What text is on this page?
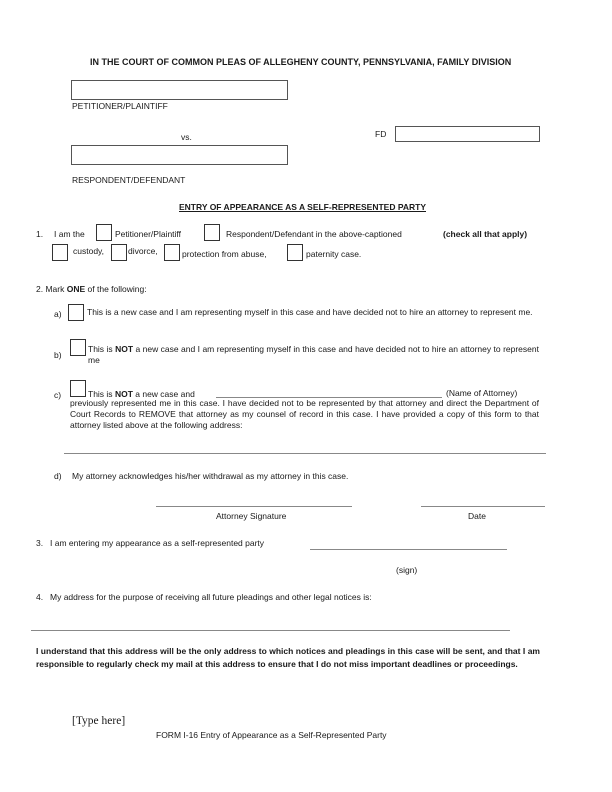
IN THE COURT OF COMMON PLEAS OF ALLEGHENY COUNTY, PENNSYLVANIA, FAMILY DIVISION
PETITIONER/PLAINTIFF
vs.	FD
RESPONDENT/DEFENDANT
ENTRY OF APPEARANCE AS A SELF-REPRESENTED PARTY
1. I am the	Petitioner/Plaintiff	Respondent/Defendant in the above-captioned	(check all that apply)
custody,	divorce,	protection from abuse,	paternity case.
2. Mark ONE of the following:
a)	This is a new case and I am representing myself in this case and have decided not to hire an attorney to represent me.
b)
This is NOT a new case and I am representing myself in this case and have decided not to hire an attorney to represent me
c)	This is NOT a new case and	(Name of Attorney)
previously represented me in this case. I have decided not to be represented by that attorney and direct the Department of Court Records to REMOVE that attorney as my counsel of record in this case. I have provided a copy of this form to that attorney listed above at the following address:
d) My attorney acknowledges his/her withdrawal as my attorney in this case.
Attorney Signature	Date
3. I am entering my appearance as a self-represented party
(sign)
4. My address for the purpose of receiving all future pleadings and other legal notices is:
I understand that this address will be the only address to which notices and pleadings in this case will be sent, and that I am responsible to regularly check my mail at this address to ensure that I do not miss important deadlines or proceedings.
[Type here]
FORM I-16 Entry of Appearance as a Self-Represented Party
